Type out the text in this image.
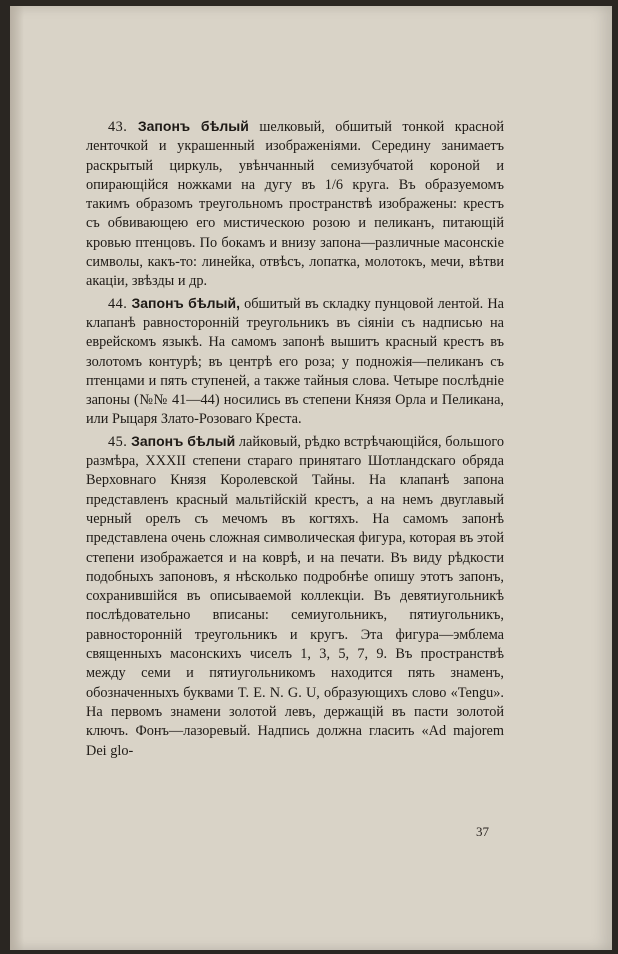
43. Запонъ бѣлый шелковый, обшитый тонкой красной ленточкой и украшенный изображеніями. Середину занимаетъ раскрытый циркуль, увѣнчанный семизубчатой короной и опирающійся ножками на дугу въ 1/6 круга. Въ образуемомъ такимъ образомъ треугольномъ пространствѣ изображены: крестъ съ обвивающею его мистическою розою и пеликанъ, питающій кровью птенцовъ. По бокамъ и внизу запона—различные масонскіе символы, какъ-то: линейка, отвѣсъ, лопатка, молотокъ, мечи, вѣтви акаціи, звѣзды и др.

44. Запонъ бѣлый, обшитый въ складку пунцовой лентой. На клапанѣ равносторонній треугольникъ въ сіяніи съ надписью на еврейскомъ языкѣ. На самомъ запонѣ вышитъ красный крестъ въ золотомъ контурѣ; въ центрѣ его роза; у подножія—пеликанъ съ птенцами и пять ступеней, а также тайныя слова. Четыре послѣдніе запоны (№№ 41—44) носились въ степени Князя Орла и Пеликана, или Рыцаря Злато-Розоваго Креста.

45. Запонъ бѣлый лайковый, рѣдко встрѣчающійся, большого размѣра, XXXII степени стараго принятаго Шотландскаго обряда Верховнаго Князя Королевской Тайны. На клапанѣ запона представленъ красный мальтійскій крестъ, а на немъ двуглавый черный орелъ съ мечомъ въ когтяхъ. На самомъ запонѣ представлена очень сложная символическая фигура, которая въ этой степени изображается и на коврѣ, и на печати. Въ виду рѣдкости подобныхъ запоновъ, я нѣсколько подробнѣе опишу этотъ запонъ, сохранившійся въ описываемой коллекціи. Въ девятиугольникѣ послѣдовательно вписаны: семиугольникъ, пятиугольникъ, равносторонній треугольникъ и кругъ. Эта фигура—эмблема священныхъ масонскихъ чиселъ 1, 3, 5, 7, 9. Въ пространствѣ между семи и пятиугольникомъ находится пять знаменъ, обозначенныхъ буквами T. E. N. G. U, образующихъ слово «Tengu». На первомъ знамени золотой левъ, держащій въ пасти золотой ключъ. Фонъ—лазоревый. Надпись должна гласить «Ad majorem Dei glo-

37
